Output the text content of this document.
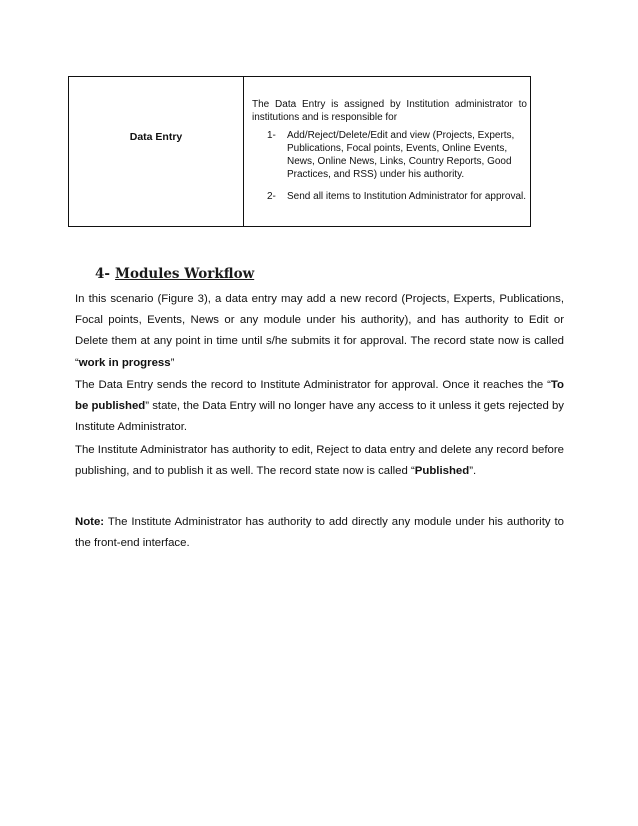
Data Entry

The Data Entry is assigned by Institution administrator to institutions and is responsible for

1- Add/Reject/Delete/Edit and view (Projects, Experts, Publications, Focal points, Events, Online Events, News, Online News, Links, Country Reports, Good Practices, and RSS) under his authority.
2- Send all items to Institution Administrator for approval.
4- Modules Workflow

In this scenario (Figure 3), a data entry may add a new record (Projects, Experts, Publications, Focal points, Events, News or any module under his authority), and has authority to Edit or Delete them at any point in time until s/he submits it for approval. The record state now is called “work in progress”

The Data Entry sends the record to Institute Administrator for approval. Once it reaches the “To be published” state, the Data Entry will no longer have any access to it unless it gets rejected by Institute Administrator.

The Institute Administrator has authority to edit, Reject to data entry and delete any record before publishing, and to publish it as well. The record state now is called “Published”.

Note: The Institute Administrator has authority to add directly any module under his authority to the front-end interface.
